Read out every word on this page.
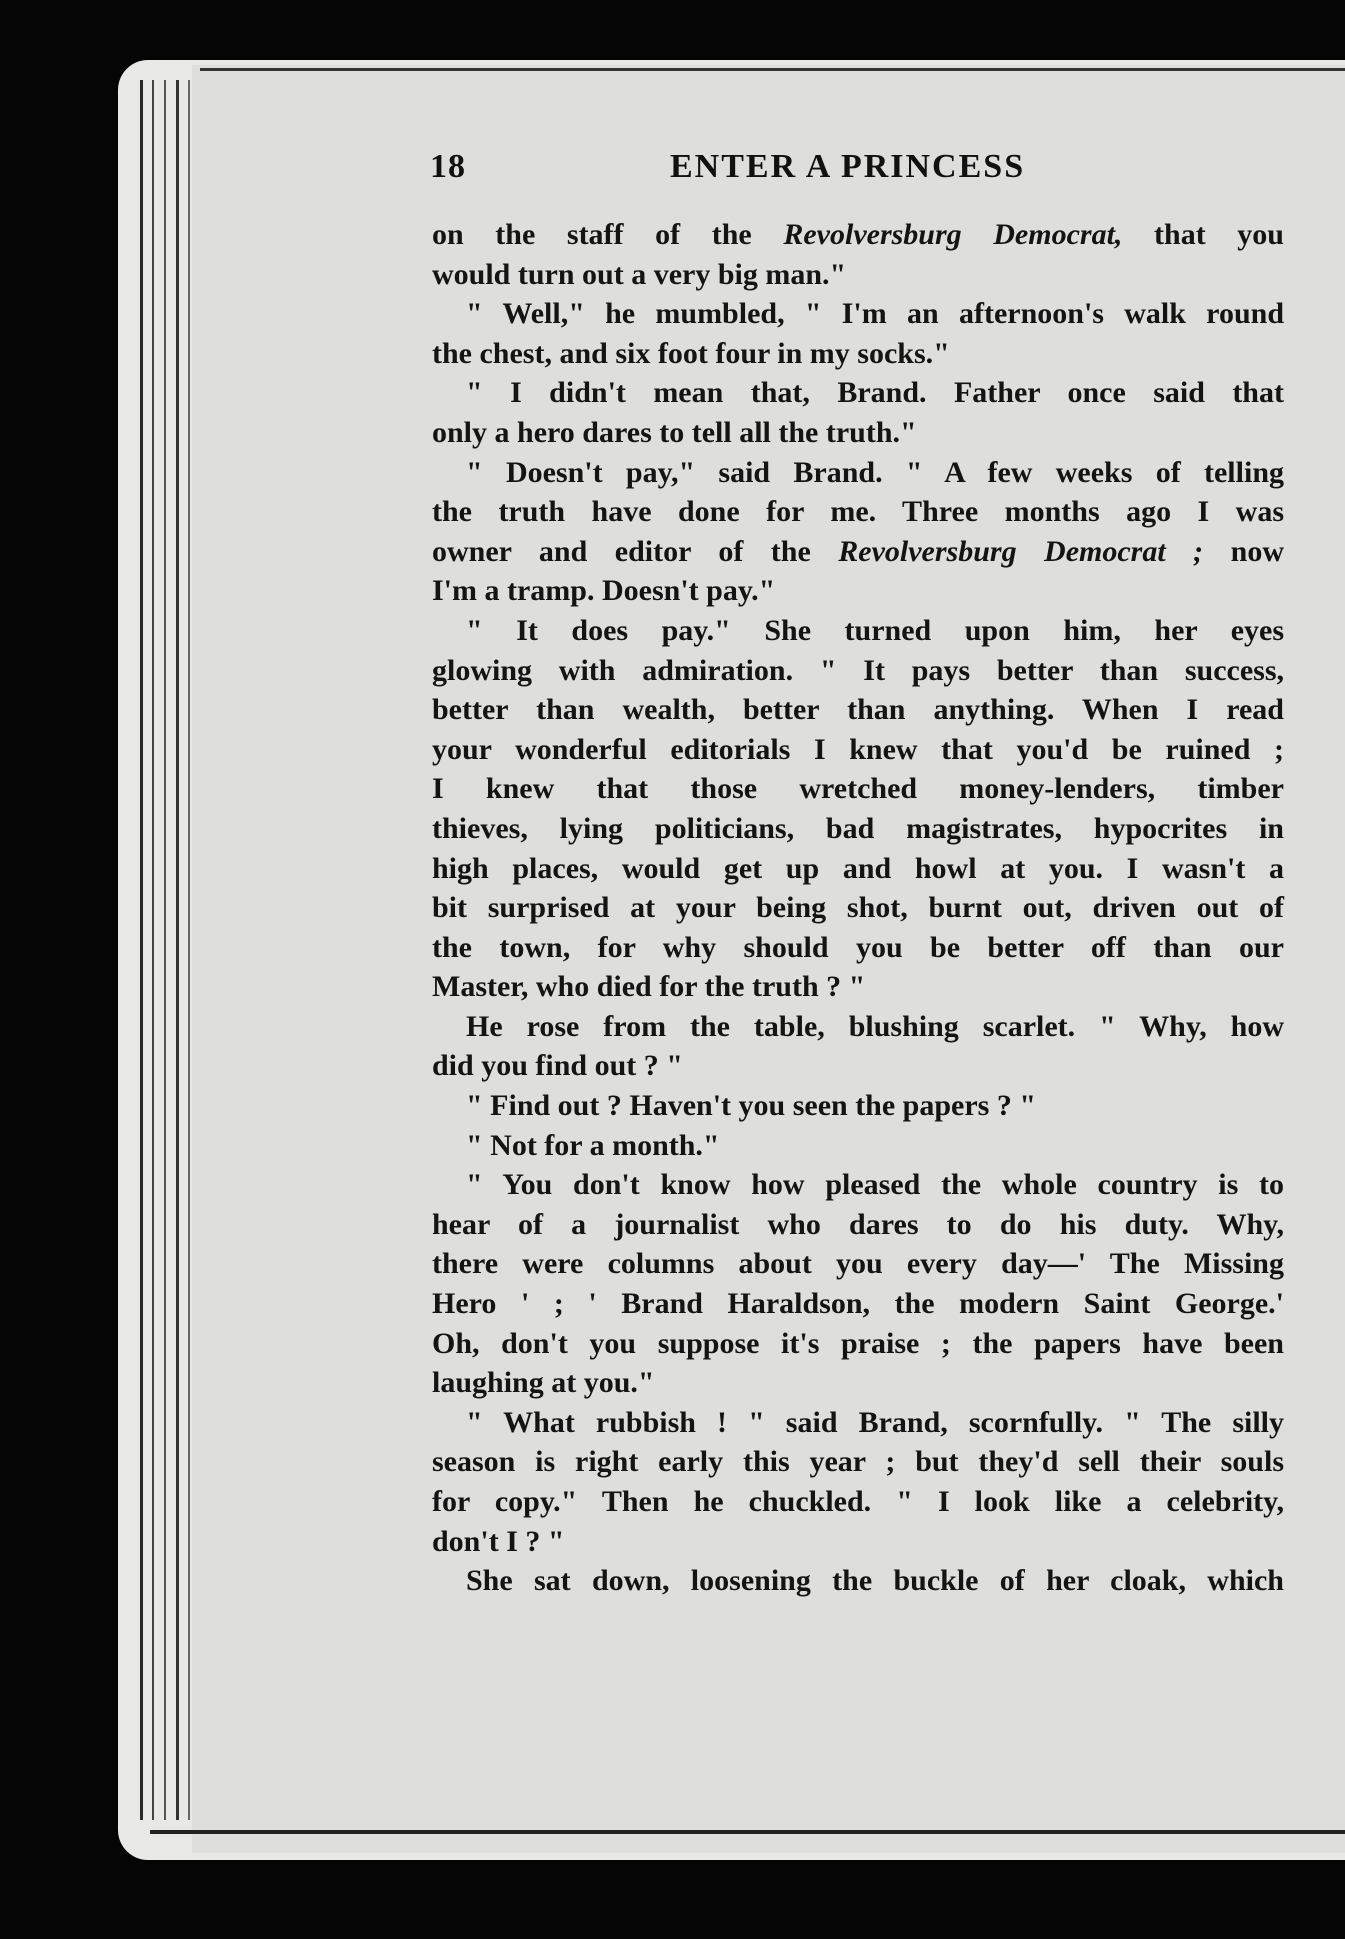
18	ENTER A PRINCESS
on the staff of the Revolversburg Democrat, that you
would turn out a very big man."
" Well," he mumbled, " I'm an afternoon's walk round
the chest, and six foot four in my socks."
" I didn't mean that, Brand. Father once said that
only a hero dares to tell all the truth."
" Doesn't pay," said Brand. " A few weeks of telling
the truth have done for me. Three months ago I was
owner and editor of the Revolversburg Democrat ; now
I'm a tramp. Doesn't pay."
" It does pay." She turned upon him, her eyes
glowing with admiration. " It pays better than success,
better than wealth, better than anything. When I read
your wonderful editorials I knew that you'd be ruined ;
I knew that those wretched money-lenders, timber
thieves, lying politicians, bad magistrates, hypocrites in
high places, would get up and howl at you. I wasn't a
bit surprised at your being shot, burnt out, driven out of
the town, for why should you be better off than our
Master, who died for the truth ? "
He rose from the table, blushing scarlet. " Why, how
did you find out ? "
" Find out ? Haven't you seen the papers ? "
" Not for a month."
" You don't know how pleased the whole country is to
hear of a journalist who dares to do his duty. Why,
there were columns about you every day—' The Missing
Hero ' ; ' Brand Haraldson, the modern Saint George.'
Oh, don't you suppose it's praise ; the papers have been
laughing at you."
" What rubbish ! " said Brand, scornfully. " The silly
season is right early this year ; but they'd sell their souls
for copy." Then he chuckled. " I look like a celebrity,
don't I ? "
She sat down, loosening the buckle of her cloak, which
